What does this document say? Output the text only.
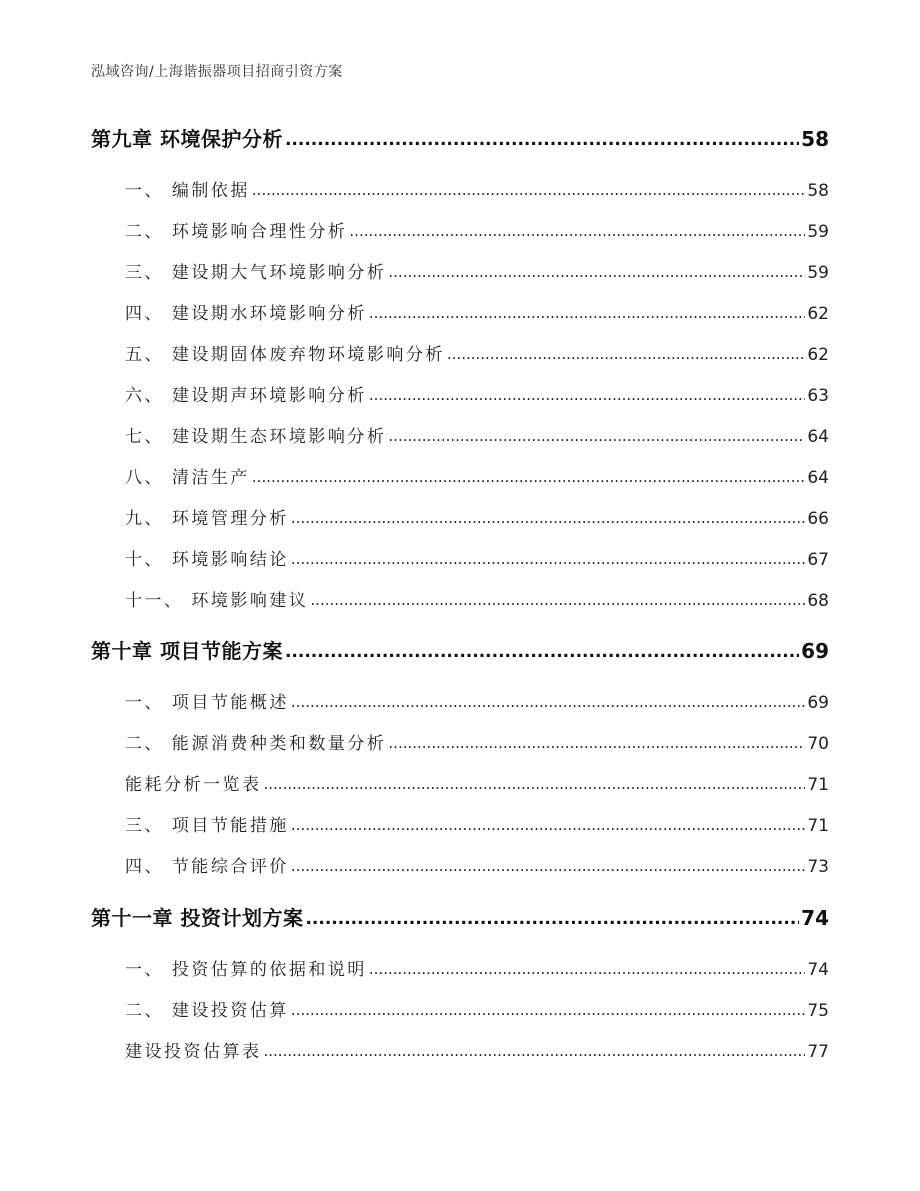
泓域咨询/上海谐振器项目招商引资方案
第九章 环境保护分析 .....	58
一、 编制依据 .....	58
二、 环境影响合理性分析 .....	59
三、 建设期大气环境影响分析 .....	59
四、 建设期水环境影响分析 .....	62
五、 建设期固体废弃物环境影响分析 .....	62
六、 建设期声环境影响分析 .....	63
七、 建设期生态环境影响分析 .....	64
八、 清洁生产 .....	64
九、 环境管理分析 .....	66
十、 环境影响结论 .....	67
十一、 环境影响建议 .....	68
第十章 项目节能方案 .....	69
一、 项目节能概述 .....	69
二、 能源消费种类和数量分析 .....	70
能耗分析一览表 .....	71
三、 项目节能措施 .....	71
四、 节能综合评价 .....	73
第十一章 投资计划方案 .....	74
一、 投资估算的依据和说明 .....	74
二、 建设投资估算 .....	75
建设投资估算表 .....	77
